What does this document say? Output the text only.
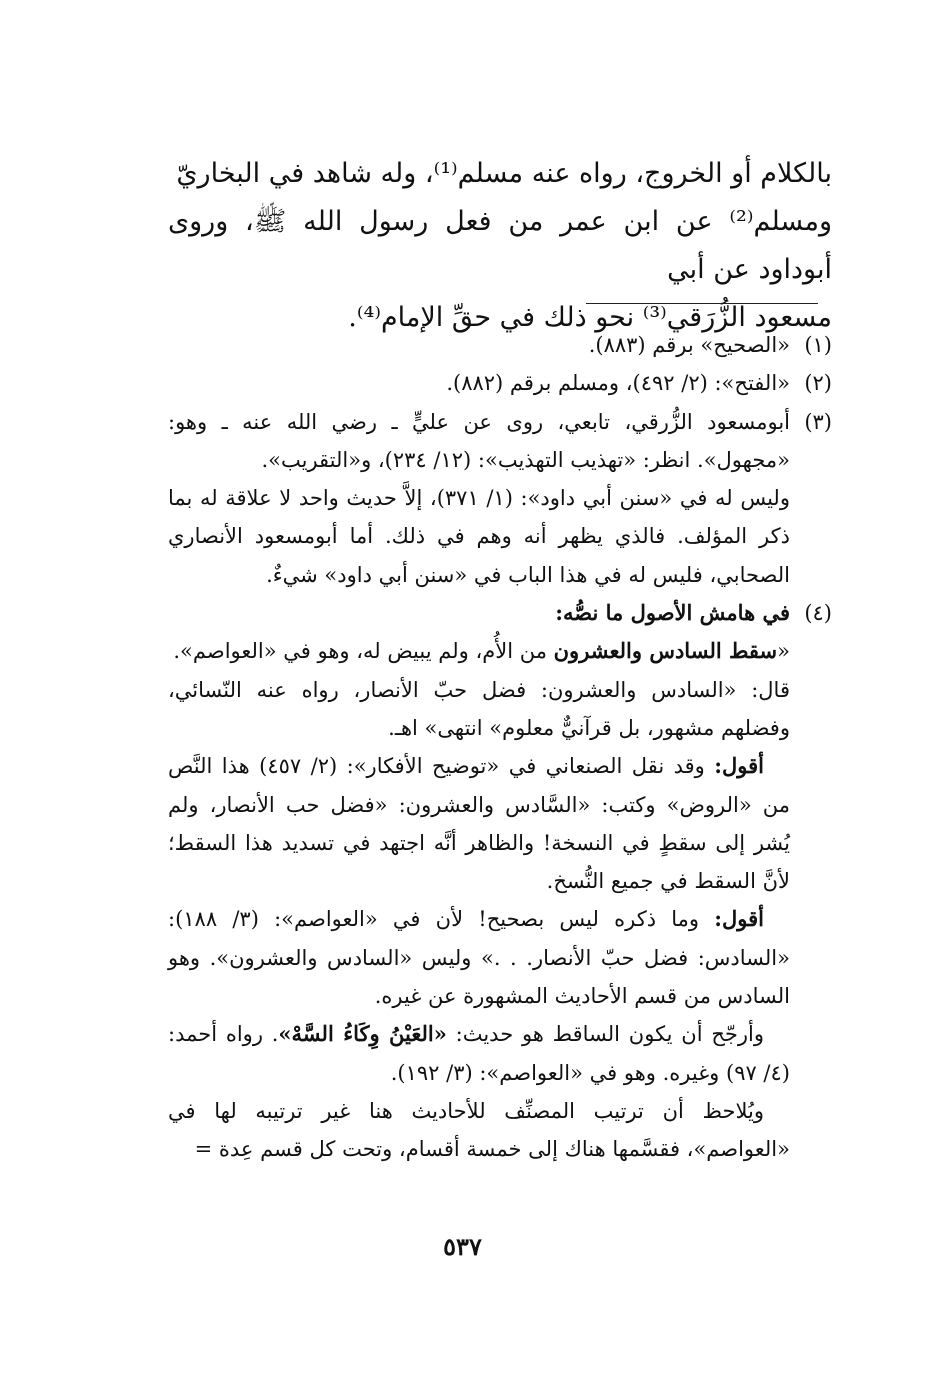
بالكلام أو الخروج، رواه عنه مسلم⁽¹⁾، وله شاهد في البخاريّ

ومسلم⁽²⁾ عن ابن عمر من فعل رسول الله ﷺ، وروى أبوداود عن أبي

مسعود الزُّرَقي⁽³⁾ نحو ذلك في حقِّ الإمام⁽⁴⁾.

(١)

«الصحيح» برقم (٨٨٣).

(٢)

«الفتح»: (٢/ ٤٩٢)، ومسلم برقم (٨٨٢).

(٣)

أبومسعود الزُّرقي، تابعي، روى عن عليٍّ ـ رضي الله عنه ـ وهو: «مجهول». انظر: «تهذيب التهذيب»: (١٢/ ٢٣٤)، و«التقريب».

وليس له في «سنن أبي داود»: (١/ ٣٧١)، إلاَّ حديث واحد لا علاقة له بما ذكر المؤلف. فالذي يظهر أنه وهم في ذلك. أما أبومسعود الأنصاري الصحابي، فليس له في هذا الباب في «سنن أبي داود» شيءٌ.

(٤)

في هامش الأصول ما نصُّه:

«سقط السادس والعشرون من الأُم، ولم يبيض له، وهو في «العواصم».

قال: «السادس والعشرون: فضل حبّ الأنصار، رواه عنه النّسائي، وفضلهم مشهور، بل قرآنيٌّ معلوم» انتهى» اهـ.

أقول: وقد نقل الصنعاني في «توضيح الأفكار»: (٢/ ٤٥٧) هذا النَّص من «الروض» وكتب: «السَّادس والعشرون: «فضل حب الأنصار، ولم يُشر إلى سقطٍ في النسخة! والظاهر أنَّه اجتهد في تسديد هذا السقط؛ لأنَّ السقط في جميع النُّسخ.

أقول: وما ذكره ليس بصحيح! لأن في «العواصم»: (٣/ ١٨٨): «السادس: فضل حبّ الأنصار. . .» وليس «السادس والعشرون». وهو السادس من قسم الأحاديث المشهورة عن غيره.

وأرجّح أن يكون الساقط هو حديث: «العَيْنُ وِكَاءُ السَّهْ». رواه أحمد: (٤/ ٩٧) وغيره. وهو في «العواصم»: (٣/ ١٩٢).

ويُلاحظ أن ترتيب المصنِّف للأحاديث هنا غير ترتيبه لها في «العواصم»، فقسَّمها هناك إلى خمسة أقسام، وتحت كل قسم عِدة =

٥٣٧
